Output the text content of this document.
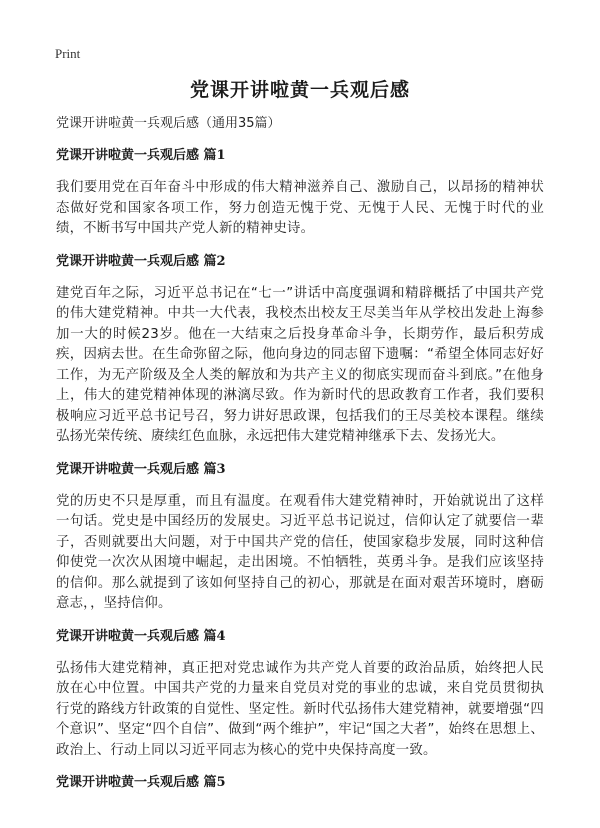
Print
党课开讲啦黄一兵观后感

党课开讲啦黄一兵观后感（通用35篇）

党课开讲啦黄一兵观后感 篇1

我们要用党在百年奋斗中形成的伟大精神滋养自己、激励自己，以昂扬的精神状态做好党和国家各项工作，努力创造无愧于党、无愧于人民、无愧于时代的业绩，不断书写中国共产党人新的精神史诗。

党课开讲啦黄一兵观后感 篇2

建党百年之际，习近平总书记在“七一”讲话中高度强调和精辟概括了中国共产党的伟大建党精神。中共一大代表，我校杰出校友王尽美当年从学校出发赴上海参加一大的时候23岁。他在一大结束之后投身革命斗争，长期劳作，最后积劳成疾，因病去世。在生命弥留之际，他向身边的同志留下遗嘱：“希望全体同志好好工作，为无产阶级及全人类的解放和为共产主义的彻底实现而奋斗到底。”在他身上，伟大的建党精神体现的淋漓尽致。作为新时代的思政教育工作者，我们要积极响应习近平总书记号召，努力讲好思政课，包括我们的王尽美校本课程。继续弘扬光荣传统、赓续红色血脉，永远把伟大建党精神继承下去、发扬光大。

党课开讲啦黄一兵观后感 篇3

党的历史不只是厚重，而且有温度。在观看伟大建党精神时，开始就说出了这样一句话。党史是中国经历的发展史。习近平总书记说过，信仰认定了就要信一辈子，否则就要出大问题，对于中国共产党的信任，使国家稳步发展，同时这种信仰使党一次次从困境中崛起，走出困境。不怕牺牲，英勇斗争。是我们应该坚持的信仰。那么就提到了该如何坚持自己的初心，那就是在面对艰苦环境时，磨砺意志，，坚持信仰。

党课开讲啦黄一兵观后感 篇4

弘扬伟大建党精神，真正把对党忠诚作为共产党人首要的政治品质，始终把人民放在心中位置。中国共产党的力量来自党员对党的事业的忠诚，来自党员贯彻执行党的路线方针政策的自觉性、坚定性。新时代弘扬伟大建党精神，就要增强“四个意识”、坚定“四个自信”、做到“两个维护”，牢记“国之大者”，始终在思想上、政治上、行动上同以习近平同志为核心的党中央保持高度一致。

党课开讲啦黄一兵观后感 篇5
